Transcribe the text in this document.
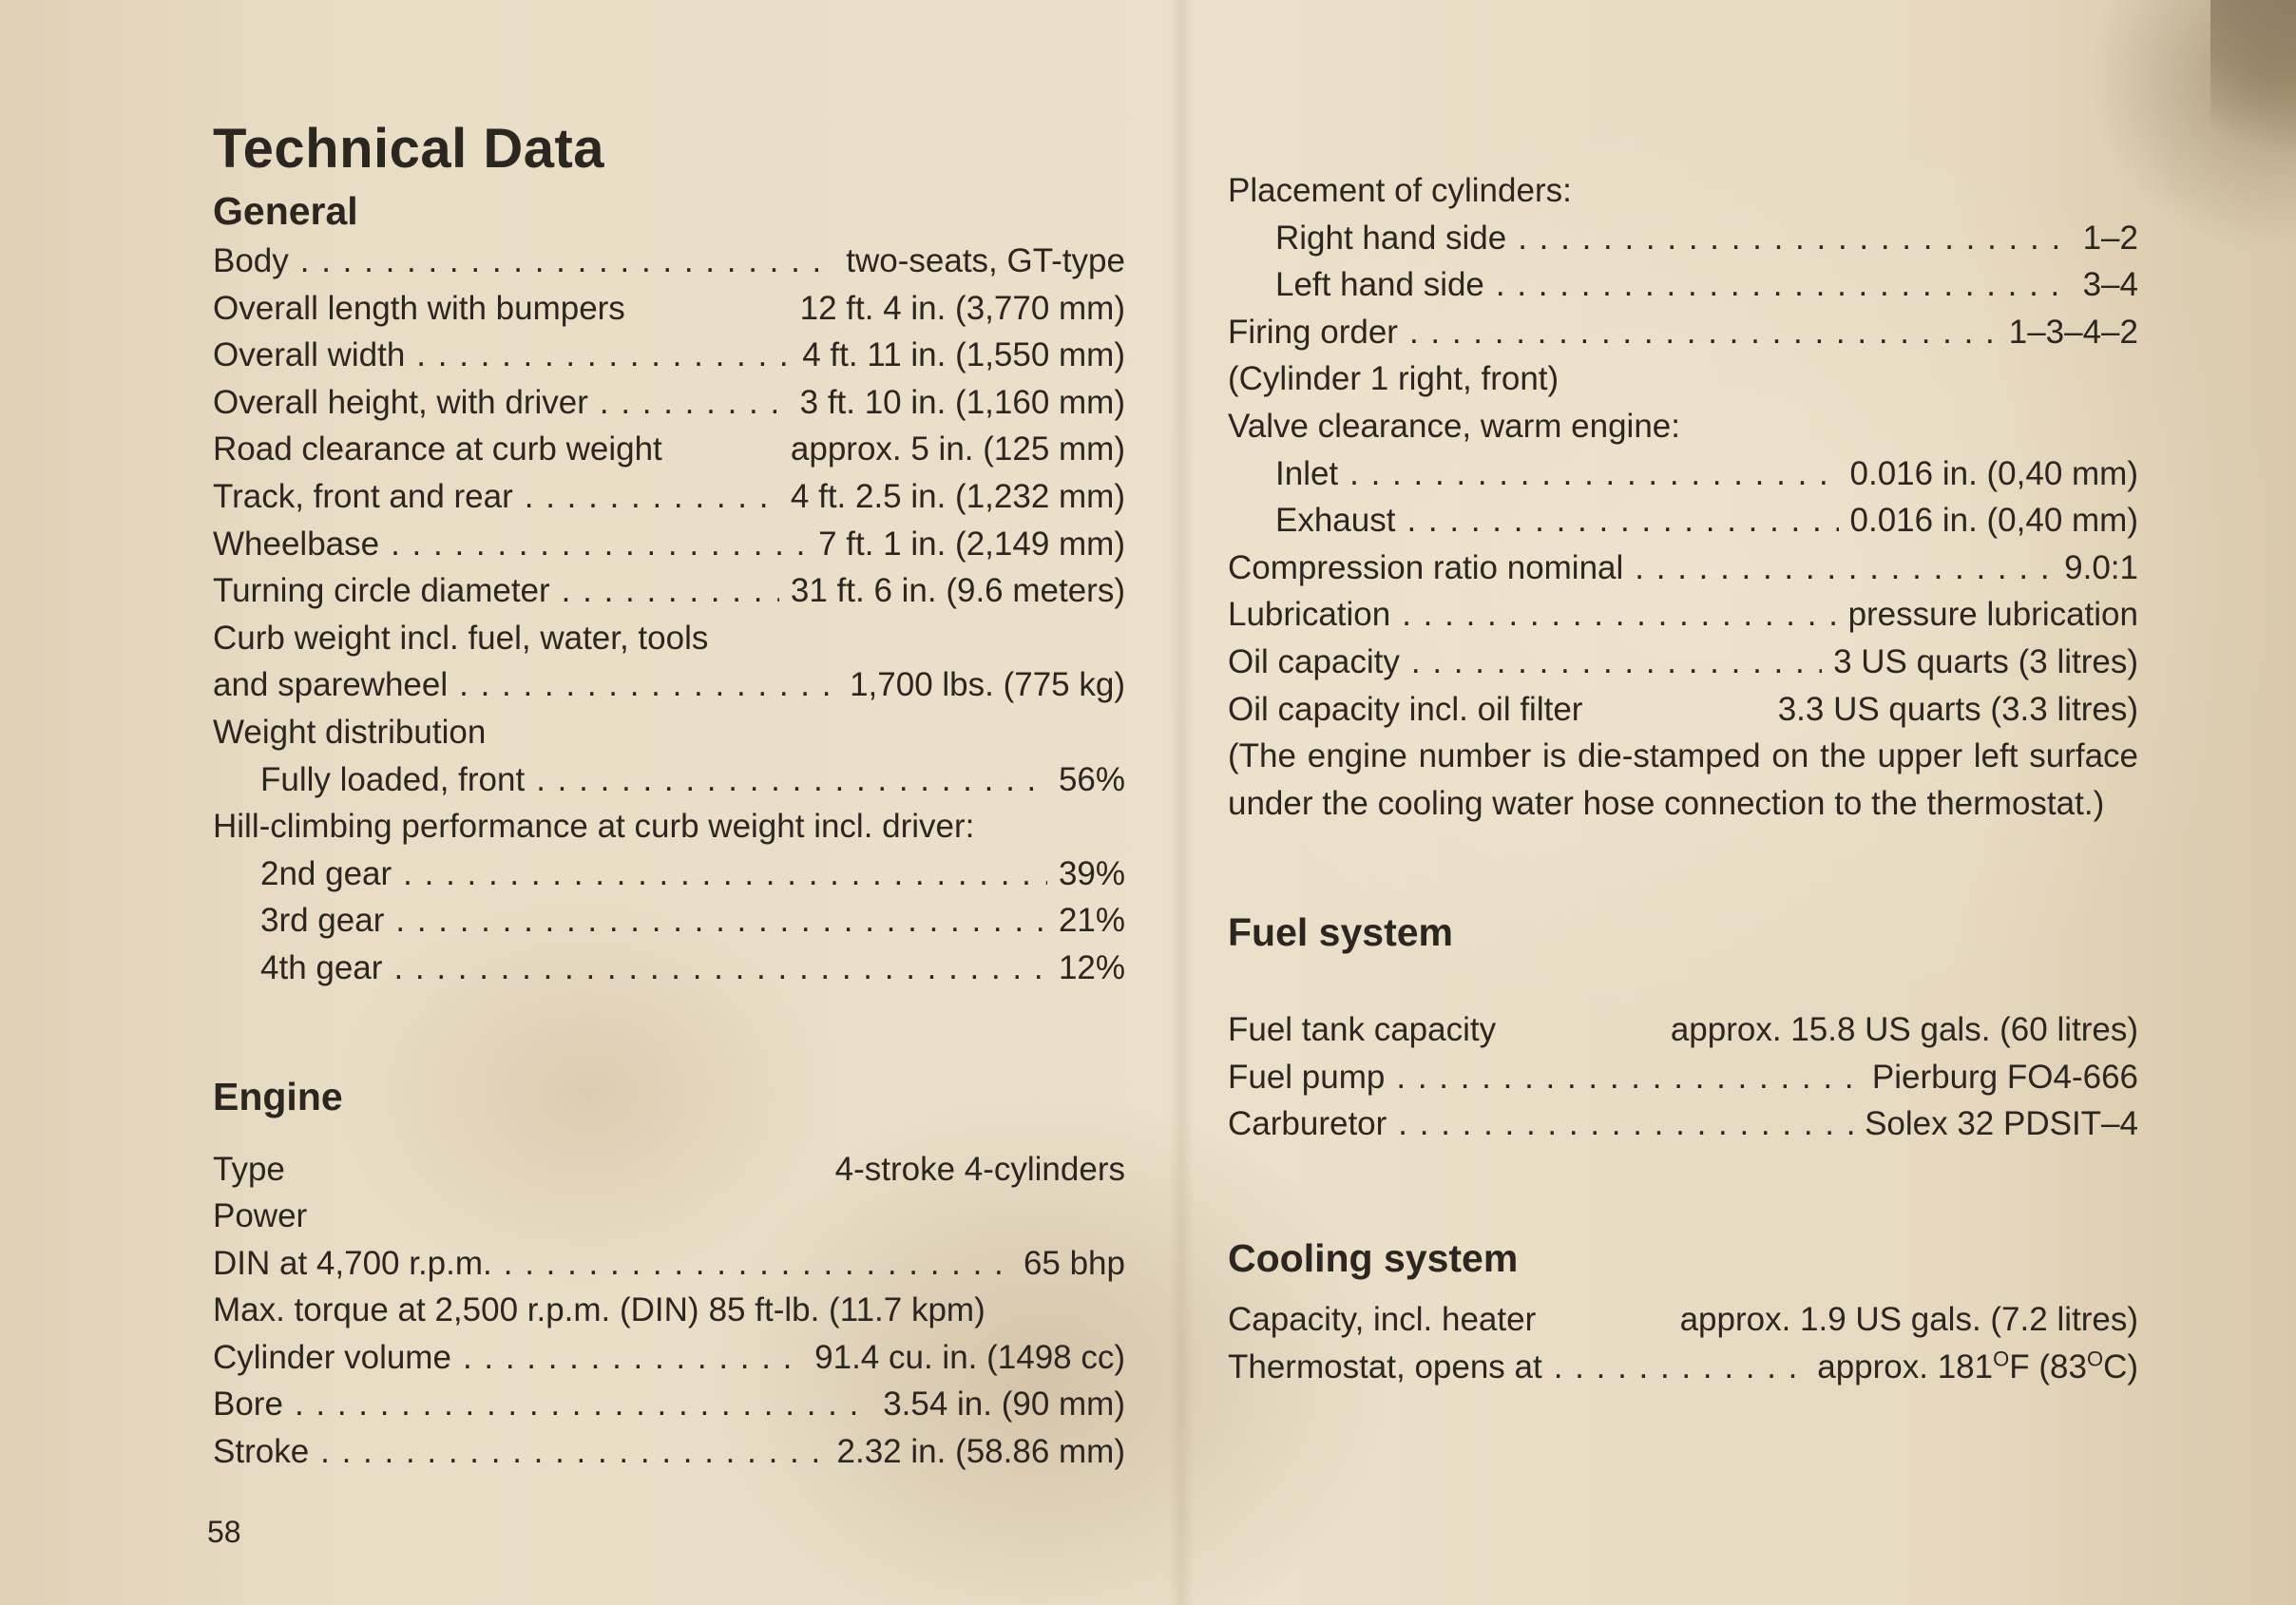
Technical Data
General
Body . . .	two-seats, GT-type
Overall length with bumpers	12 ft. 4 in. (3,770 mm)
Overall width . . .	4 ft. 11 in. (1,550 mm)
Overall height, with driver . . .	3 ft. 10 in. (1,160 mm)
Road clearance at curb weight	approx. 5 in. (125 mm)
Track, front and rear . . .	4 ft. 2.5 in. (1,232 mm)
Wheelbase . . .	7 ft. 1 in. (2,149 mm)
Turning circle diameter . . .	31 ft. 6 in. (9.6 meters)
Curb weight incl. fuel, water, tools
and sparewheel . . .	1,700 lbs. (775 kg)
Weight distribution
Fully loaded, front . . .	56%
Hill-climbing performance at curb weight incl. driver:
2nd gear . . .	39%
3rd gear . . .	21%
4th gear . . .	12%
Engine
Type	4-stroke 4-cylinders
Power
DIN at 4,700 r.p.m. . . .	65 bhp
Max. torque at 2,500 r.p.m. (DIN) 85 ft-lb. (11.7 kpm)
Cylinder volume . . .	91.4 cu. in. (1498 cc)
Bore . . .	3.54 in. (90 mm)
Stroke . . .	2.32 in. (58.86 mm)
Placement of cylinders:
Right hand side . . .	1–2
Left hand side . . .	3–4
Firing order . . .	1–3–4–2
(Cylinder 1 right, front)
Valve clearance, warm engine:
Inlet . . .	0.016 in. (0,40 mm)
Exhaust . . .	0.016 in. (0,40 mm)
Compression ratio nominal . . .	9.0:1
Lubrication . . .	pressure lubrication
Oil capacity . . .	3 US quarts (3 litres)
Oil capacity incl. oil filter	3.3 US quarts (3.3 litres)

(The engine number is die-stamped on the upper left surface under the cooling water hose connection to the thermostat.)

Fuel system
Fuel tank capacity	approx. 15.8 US gals. (60 litres)
Fuel pump . . .	Pierburg FO4-666
Carburetor . . .	Solex 32 PDSIT–4
Cooling system
Capacity, incl. heater	approx. 1.9 US gals. (7.2 litres)
Thermostat, opens at . . .	approx. $181^OF$ $(83^OC)$
58
